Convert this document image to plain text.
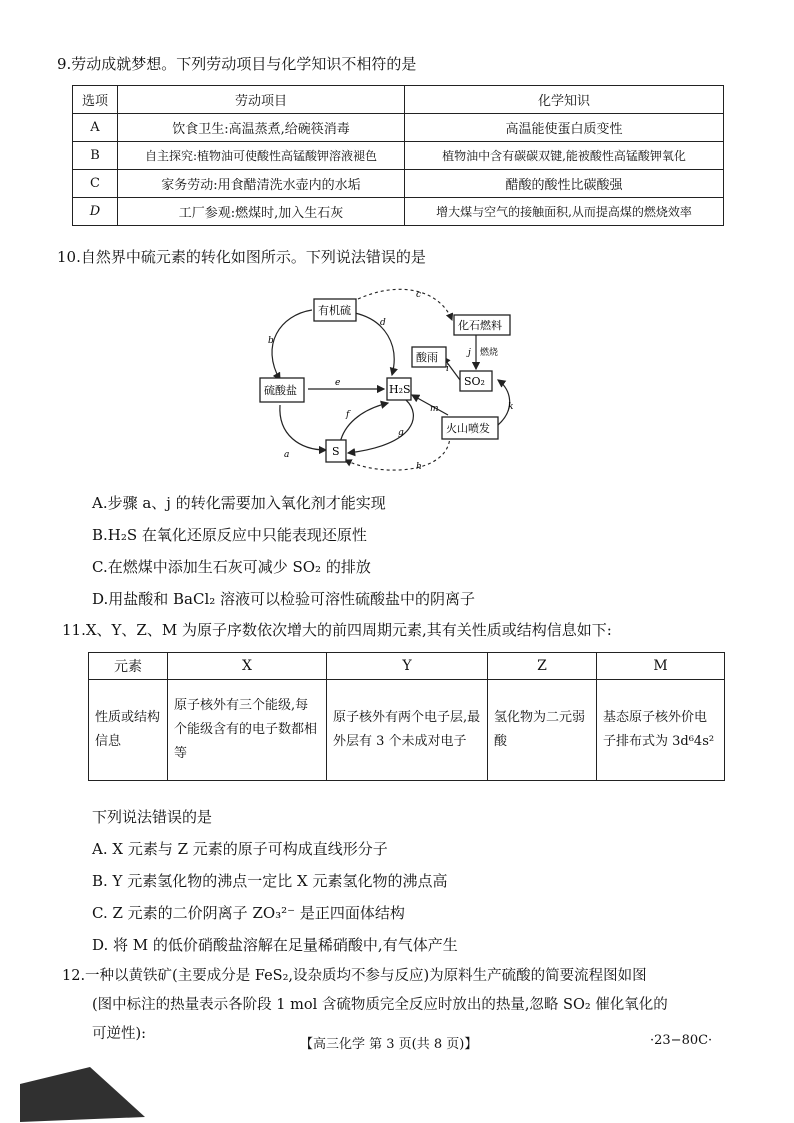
9.劳动成就梦想。下列劳动项目与化学知识不相符的是
选项	劳动项目	化学知识
A	饮食卫生:高温蒸煮,给碗筷消毒	高温能使蛋白质变性
B	自主探究:植物油可使酸性高锰酸钾溶液褪色	植物油中含有碳碳双键,能被酸性高锰酸钾氧化
C	家务劳动:用食醋清洗水壶内的水垢	醋酸的酸性比碳酸强
D	工厂参观:燃煤时,加入生石灰	增大煤与空气的接触面积,从而提高煤的燃烧效率
10.自然界中硫元素的转化如图所示。下列说法错误的是
有机硫
硫酸盐	H₂S
S
化石燃料
酸雨
SO₂
火山喷发
a
b
c
d
e
f
g
h
i
j 燃烧
k
m
A.步骤 a、j 的转化需要加入氧化剂才能实现
B.H₂S 在氧化还原反应中只能表现还原性
C.在燃煤中添加生石灰可减少 SO₂ 的排放
D.用盐酸和 BaCl₂ 溶液可以检验可溶性硫酸盐中的阴离子
11.X、Y、Z、M 为原子序数依次增大的前四周期元素,其有关性质或结构信息如下:
元素	X	Y	Z	M
性质或结构信息	原子核外有三个能级,每个能级含有的电子数都相等	原子核外有两个电子层,最外层有 3 个未成对电子	氢化物为二元弱酸	基态原子核外价电子排布式为 3d⁶4s²
下列说法错误的是
A. X 元素与 Z 元素的原子可构成直线形分子
B. Y 元素氢化物的沸点一定比 X 元素氢化物的沸点高
C. Z 元素的二价阴离子 ZO₃²⁻ 是正四面体结构
D. 将 M 的低价硝酸盐溶解在足量稀硝酸中,有气体产生
12.一种以黄铁矿(主要成分是 FeS₂,设杂质均不参与反应)为原料生产硫酸的简要流程图如图
(图中标注的热量表示各阶段 1 mol 含硫物质完全反应时放出的热量,忽略 SO₂ 催化氧化的
可逆性):
【高三化学 第 3 页(共 8 页)】	·23−80C·
